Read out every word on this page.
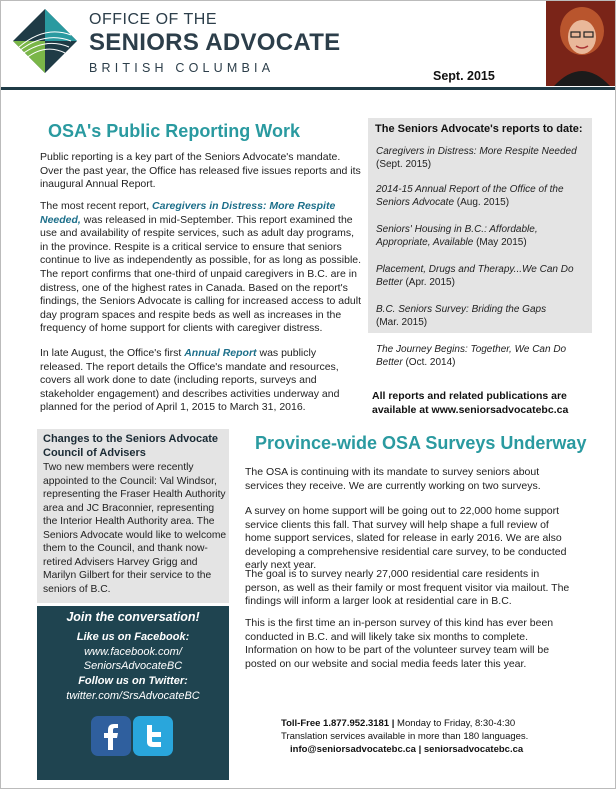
OFFICE OF THE
SENIORS ADVOCATE
BRITISH COLUMBIA
Sept. 2015
OSA's Public Reporting Work

Public reporting is a key part of the Seniors Advocate's mandate. Over the past year, the Office has released five issues reports and its inaugural Annual Report.

The most recent report, Caregivers in Distress: More Respite Needed, was released in mid-September. This report examined the use and availability of respite services, such as adult day programs, in the province. Respite is a critical service to ensure that seniors continue to live as independently as possible, for as long as possible. The report confirms that one-third of unpaid caregivers in B.C. are in distress, one of the highest rates in Canada. Based on the report's findings, the Seniors Advocate is calling for increased access to adult day program spaces and respite beds as well as increases in the frequency of home support for clients with caregiver distress.

In late August, the Office's first Annual Report was publicly released. The report details the Office's mandate and resources, covers all work done to date (including reports, surveys and stakeholder engagement) and describes activities underway and planned for the period of April 1, 2015 to March 31, 2016.

The Seniors Advocate's reports to date:
Caregivers in Distress: More Respite Needed
(Sept. 2015)
2014-15 Annual Report of the Office of the Seniors Advocate (Aug. 2015)
Seniors' Housing in B.C.: Affordable, Appropriate, Available (May 2015)
Placement, Drugs and Therapy...We Can Do Better (Apr. 2015)
B.C. Seniors Survey: Briding the Gaps
(Mar. 2015)
The Journey Begins: Together, We Can Do Better (Oct. 2014)
All reports and related publications are available at www.seniorsadvocatebc.ca
Changes to the Seniors Advocate Council of Advisers
Two new members were recently appointed to the Council: Val Windsor, representing the Fraser Health Authority area and JC Braconnier, representing the Interior Health Authority area. The Seniors Advocate would like to welcome them to the Council, and thank now-retired Advisers Harvey Grigg and Marilyn Gilbert for their service to the seniors of B.C.
Join the conversation!
Like us on Facebook:
www.facebook.com/
SeniorsAdvocateBC
Follow us on Twitter:
twitter.com/SrsAdvocateBC
Province-wide OSA Surveys Underway

The OSA is continuing with its mandate to survey seniors about services they receive. We are currently working on two surveys.

A survey on home support will be going out to 22,000 home support service clients this fall. That survey will help shape a full review of home support services, slated for release in early 2016. We are also developing a comprehensive residential care survey, to be conducted early next year.

The goal is to survey nearly 27,000 residential care residents in person, as well as their family or most frequent visitor via mailout. The findings will inform a larger look at residential care in B.C.

This is the first time an in-person survey of this kind has ever been conducted in B.C. and will likely take six months to complete. Information on how to be part of the volunteer survey team will be posted on our website and social media feeds later this year.

Toll-Free 1.877.952.3181 | Monday to Friday, 8:30-4:30
Translation services available in more than 180 languages.
info@seniorsadvocatebc.ca | seniorsadvocatebc.ca
